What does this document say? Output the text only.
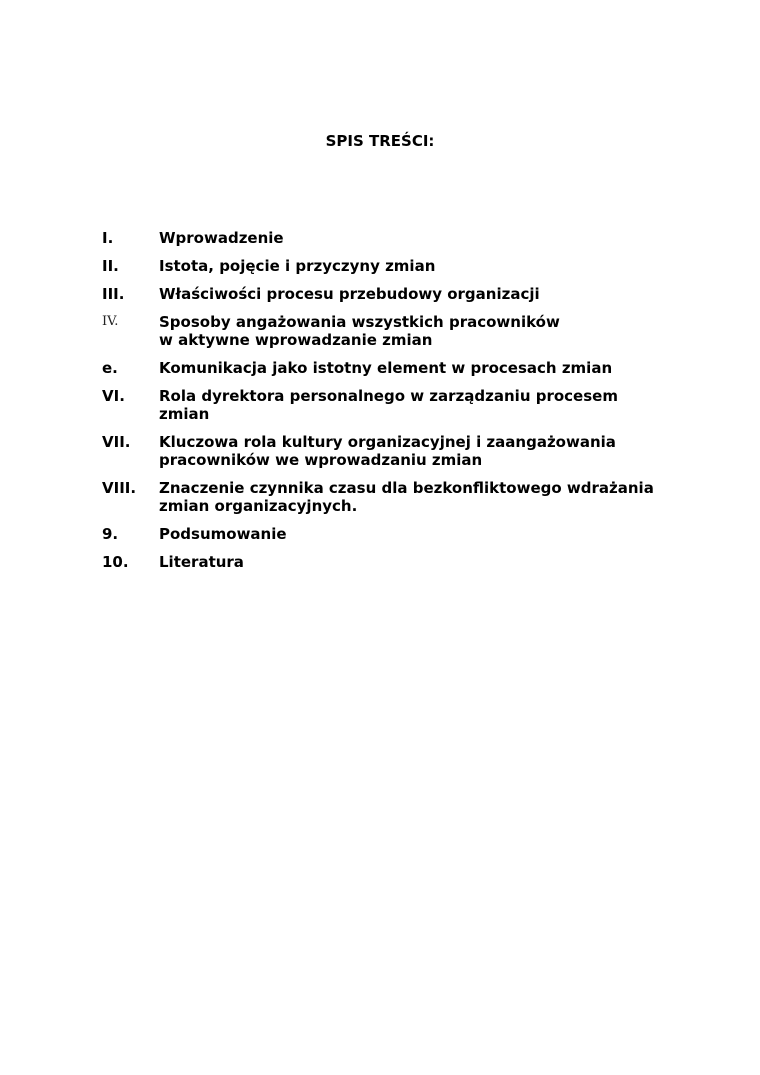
SPIS TREŚCI:
I.	Wprowadzenie
II.	Istota, pojęcie i przyczyny zmian
III.	Właściwości procesu przebudowy organizacji
IV.	Sposoby angażowania wszystkich pracowników
w aktywne wprowadzanie zmian
e.	Komunikacja jako istotny element w procesach zmian
VI.	Rola dyrektora personalnego w zarządzaniu procesem
zmian
VII.	Kluczowa rola kultury organizacyjnej i zaangażowania
pracowników we wprowadzaniu zmian
VIII.	Znaczenie czynnika czasu dla bezkonfliktowego wdrażania
zmian organizacyjnych.
9.	Podsumowanie
10.	Literatura
